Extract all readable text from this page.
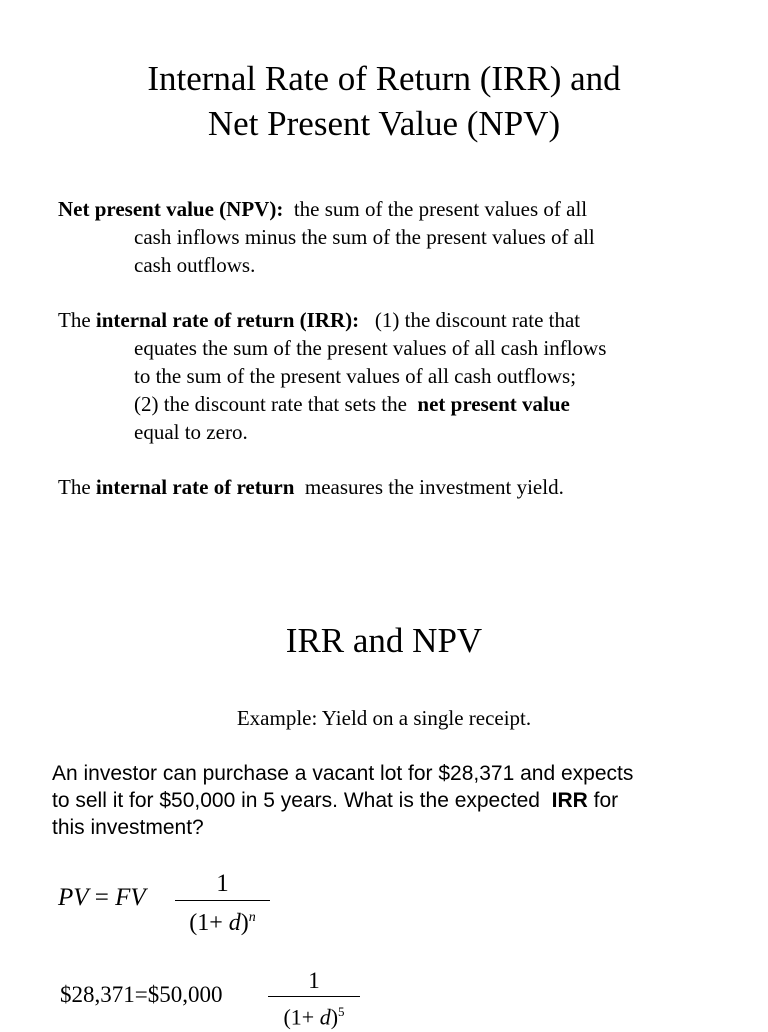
Internal Rate of Return (IRR) and
Net Present Value (NPV)
Net present value (NPV): the sum of the present values of all
cash inflows minus the sum of the present values of all
cash outflows.
The internal rate of return (IRR): (1) the discount rate that
equates the sum of the present values of all cash inflows
to the sum of the present values of all cash outflows;
(2) the discount rate that sets the net present value
equal to zero.
The internal rate of return measures the investment yield.
IRR and NPV
Example: Yield on a single receipt.
An investor can purchase a vacant lot for $28,371 and expects
to sell it for $50,000 in 5 years. What is the expected IRR for
this investment?
PV = FV
1
$(1+ d)^n$
$28,371=$50,000
1
$(1+ d)^5$
